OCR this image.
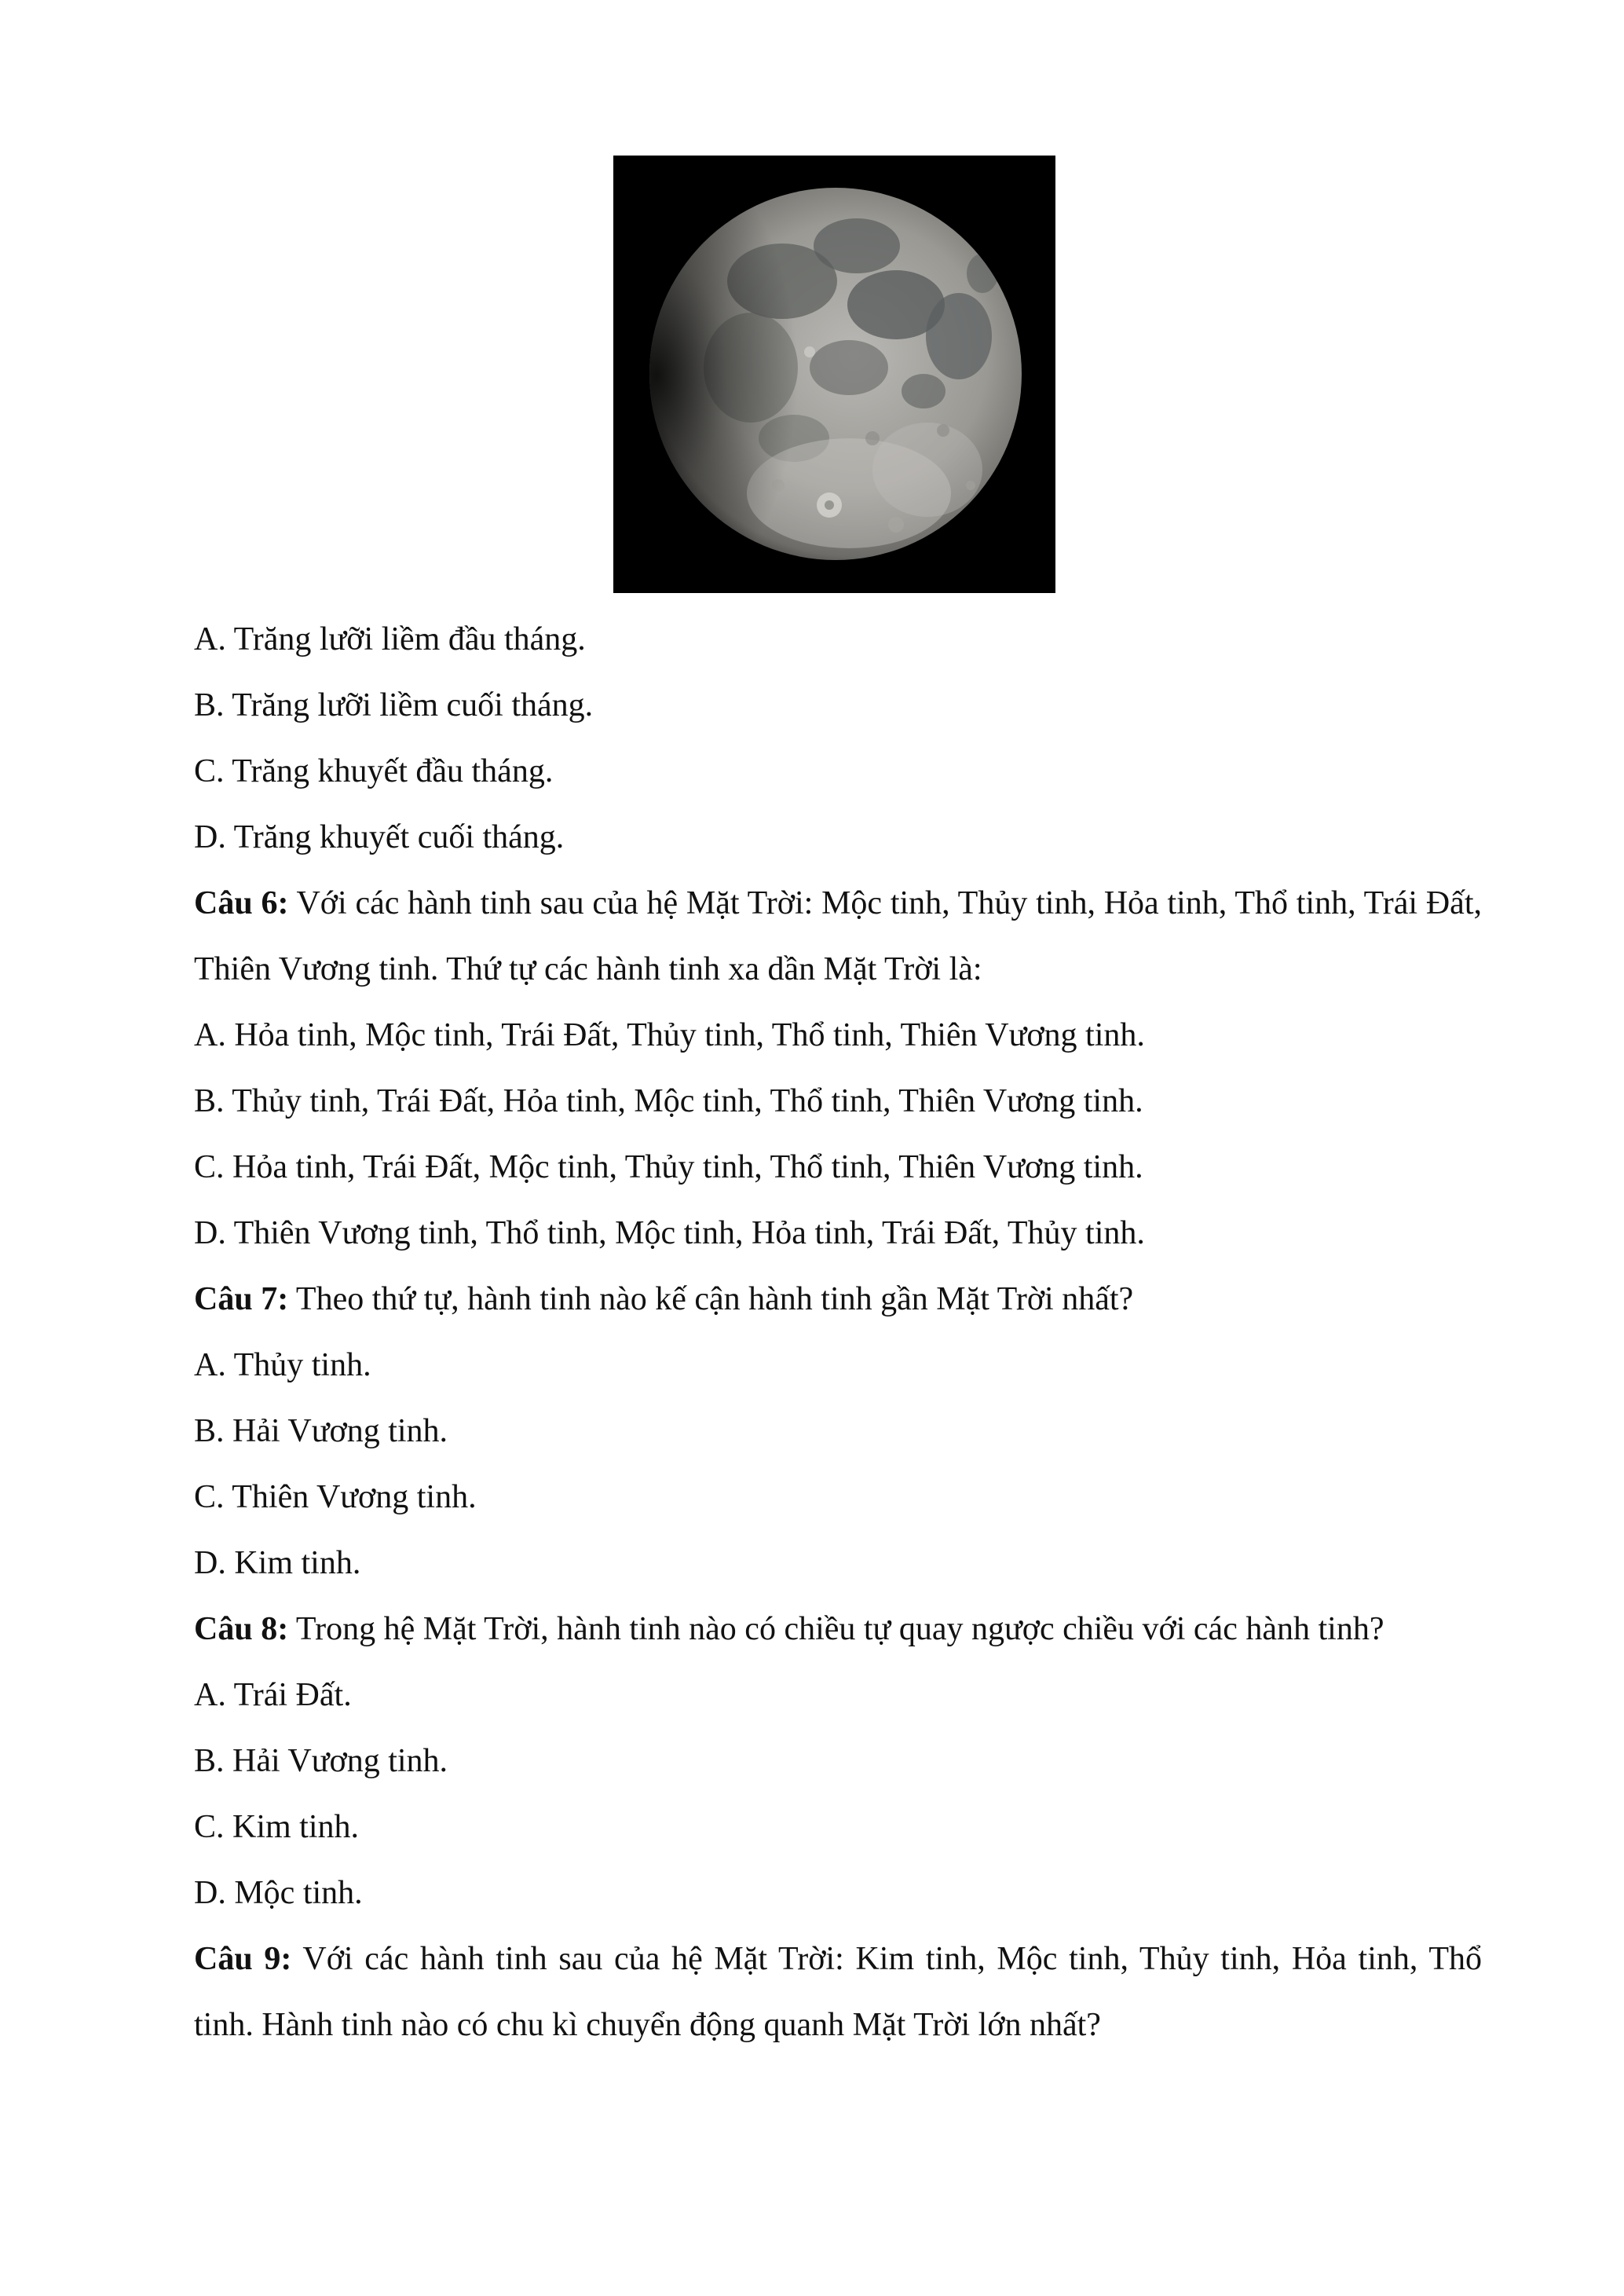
A. Trăng lưỡi liềm đầu tháng.

B. Trăng lưỡi liềm cuối tháng.

C. Trăng khuyết đầu tháng.

D. Trăng khuyết cuối tháng.

Câu 6: Với các hành tinh sau của hệ Mặt Trời: Mộc tinh, Thủy tinh, Hỏa tinh, Thổ tinh, Trái Đất, Thiên Vương tinh. Thứ tự các hành tinh xa dần Mặt Trời là:

A. Hỏa tinh, Mộc tinh, Trái Đất, Thủy tinh, Thổ tinh, Thiên Vương tinh.

B. Thủy tinh, Trái Đất, Hỏa tinh, Mộc tinh, Thổ tinh, Thiên Vương tinh.

C. Hỏa tinh, Trái Đất, Mộc tinh, Thủy tinh, Thổ tinh, Thiên Vương tinh.

D. Thiên Vương tinh, Thổ tinh, Mộc tinh, Hỏa tinh, Trái Đất, Thủy tinh.

Câu 7: Theo thứ tự, hành tinh nào kế cận hành tinh gần Mặt Trời nhất?

A. Thủy tinh.

B. Hải Vương tinh.

C. Thiên Vương tinh.

D. Kim tinh.

Câu 8: Trong hệ Mặt Trời, hành tinh nào có chiều tự quay ngược chiều với các hành tinh?

A. Trái Đất.

B. Hải Vương tinh.

C. Kim tinh.

D. Mộc tinh.

Câu 9: Với các hành tinh sau của hệ Mặt Trời: Kim tinh, Mộc tinh, Thủy tinh, Hỏa tinh, Thổ tinh. Hành tinh nào có chu kì chuyển động quanh Mặt Trời lớn nhất?
